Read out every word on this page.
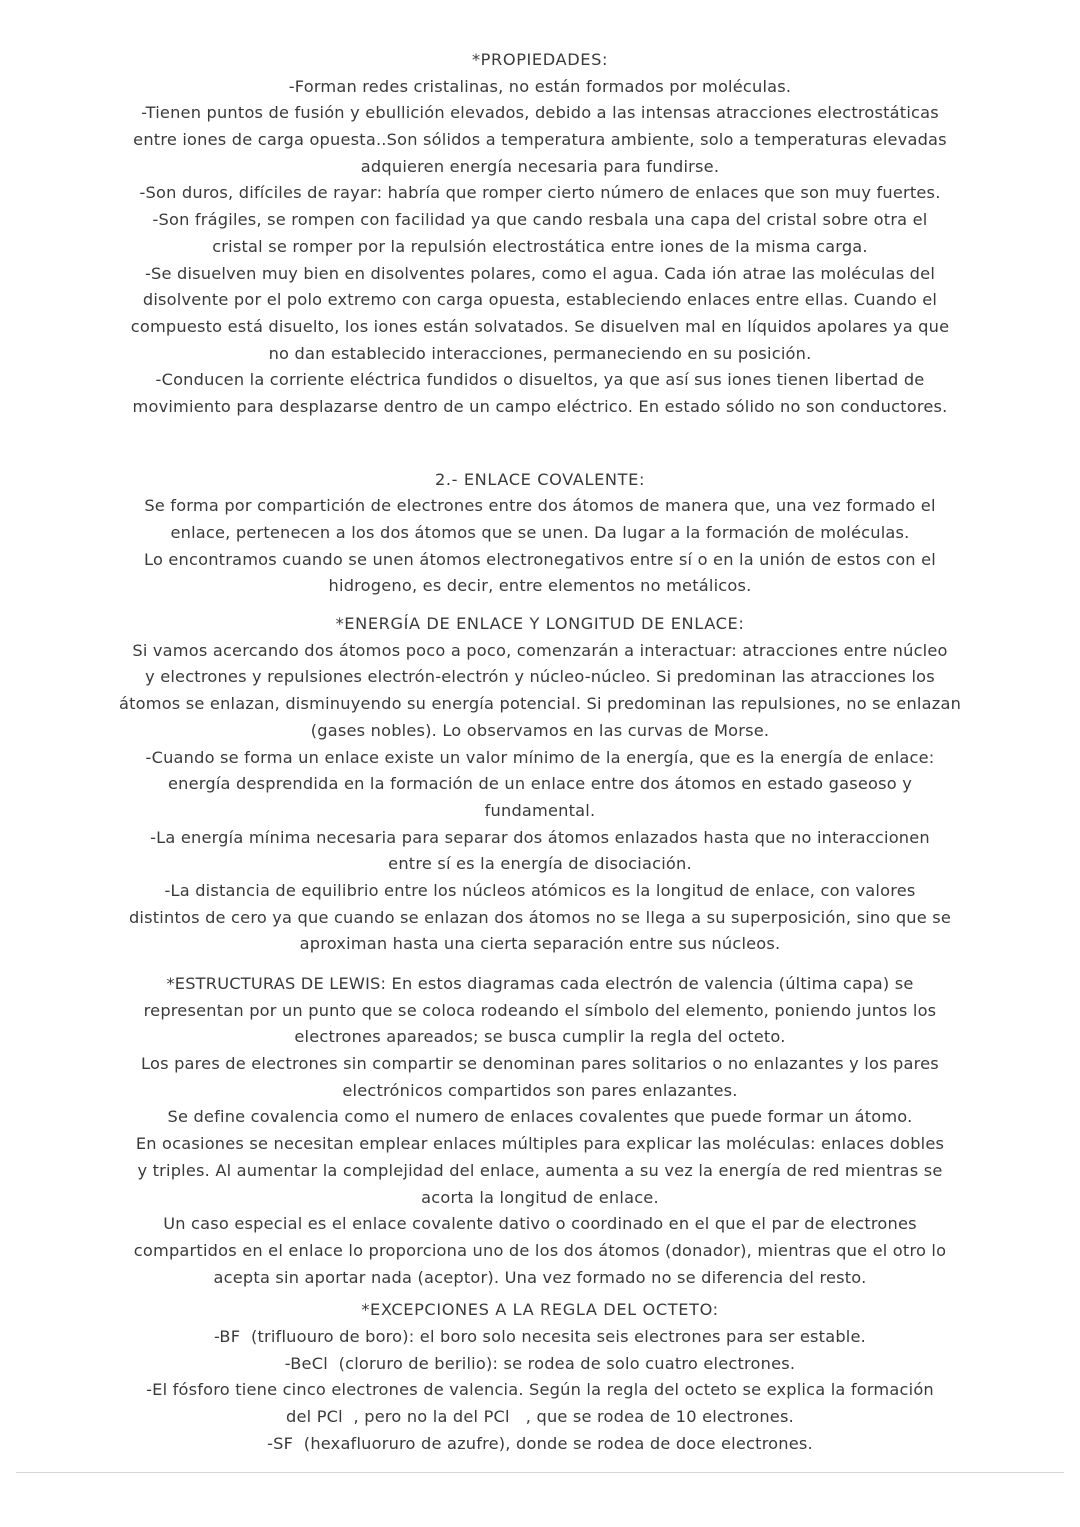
*PROPIEDADES:
-Forman redes cristalinas, no están formados por moléculas.
-Tienen puntos de fusión y ebullición elevados, debido a las intensas atracciones electrostáticas
entre iones de carga opuesta..Son sólidos a temperatura ambiente, solo a temperaturas elevadas
adquieren energía necesaria para fundirse.
-Son duros, difíciles de rayar: habría que romper cierto número de enlaces que son muy fuertes.
-Son frágiles, se rompen con facilidad ya que cando resbala una capa del cristal sobre otra el
cristal se romper por la repulsión electrostática entre iones de la misma carga.
-Se disuelven muy bien en disolventes polares, como el agua. Cada ión atrae las moléculas del
disolvente por el polo extremo con carga opuesta, estableciendo enlaces entre ellas. Cuando el
compuesto está disuelto, los iones están solvatados. Se disuelven mal en líquidos apolares ya que
no dan establecido interacciones, permaneciendo en su posición.
-Conducen la corriente eléctrica fundidos o disueltos, ya que así sus iones tienen libertad de
movimiento para desplazarse dentro de un campo eléctrico. En estado sólido no son conductores.
2.- ENLACE COVALENTE:
Se forma por compartición de electrones entre dos átomos de manera que, una vez formado el
enlace, pertenecen a los dos átomos que se unen. Da lugar a la formación de moléculas.
Lo encontramos cuando se unen átomos electronegativos entre sí o en la unión de estos con el
hidrogeno, es decir, entre elementos no metálicos.
*ENERGÍA DE ENLACE Y LONGITUD DE ENLACE:
Si vamos acercando dos átomos poco a poco, comenzarán a interactuar: atracciones entre núcleo
y electrones y repulsiones electrón-electrón y núcleo-núcleo. Si predominan las atracciones los
átomos se enlazan, disminuyendo su energía potencial. Si predominan las repulsiones, no se enlazan
(gases nobles). Lo observamos en las curvas de Morse.
-Cuando se forma un enlace existe un valor mínimo de la energía, que es la energía de enlace:
energía desprendida en la formación de un enlace entre dos átomos en estado gaseoso y
fundamental.
-La energía mínima necesaria para separar dos átomos enlazados hasta que no interaccionen
entre sí es la energía de disociación.
-La distancia de equilibrio entre los núcleos atómicos es la longitud de enlace, con valores
distintos de cero ya que cuando se enlazan dos átomos no se llega a su superposición, sino que se
aproximan hasta una cierta separación entre sus núcleos.
*ESTRUCTURAS DE LEWIS: En estos diagramas cada electrón de valencia (última capa) se
representan por un punto que se coloca rodeando el símbolo del elemento, poniendo juntos los
electrones apareados; se busca cumplir la regla del octeto.
Los pares de electrones sin compartir se denominan pares solitarios o no enlazantes y los pares
electrónicos compartidos son pares enlazantes.
Se define covalencia como el numero de enlaces covalentes que puede formar un átomo.
En ocasiones se necesitan emplear enlaces múltiples para explicar las moléculas: enlaces dobles
y triples. Al aumentar la complejidad del enlace, aumenta a su vez la energía de red mientras se
acorta la longitud de enlace.
Un caso especial es el enlace covalente dativo o coordinado en el que el par de electrones
compartidos en el enlace lo proporciona uno de los dos átomos (donador), mientras que el otro lo
acepta sin aportar nada (aceptor). Una vez formado no se diferencia del resto.
*EXCEPCIONES A LA REGLA DEL OCTETO:
-BF  (trifluouro de boro): el boro solo necesita seis electrones para ser estable.
-BeCl  (cloruro de berilio): se rodea de solo cuatro electrones.
-El fósforo tiene cinco electrones de valencia. Según la regla del octeto se explica la formación
del PCl  , pero no la del PCl   , que se rodea de 10 electrones.
-SF  (hexafluoruro de azufre), donde se rodea de doce electrones.
